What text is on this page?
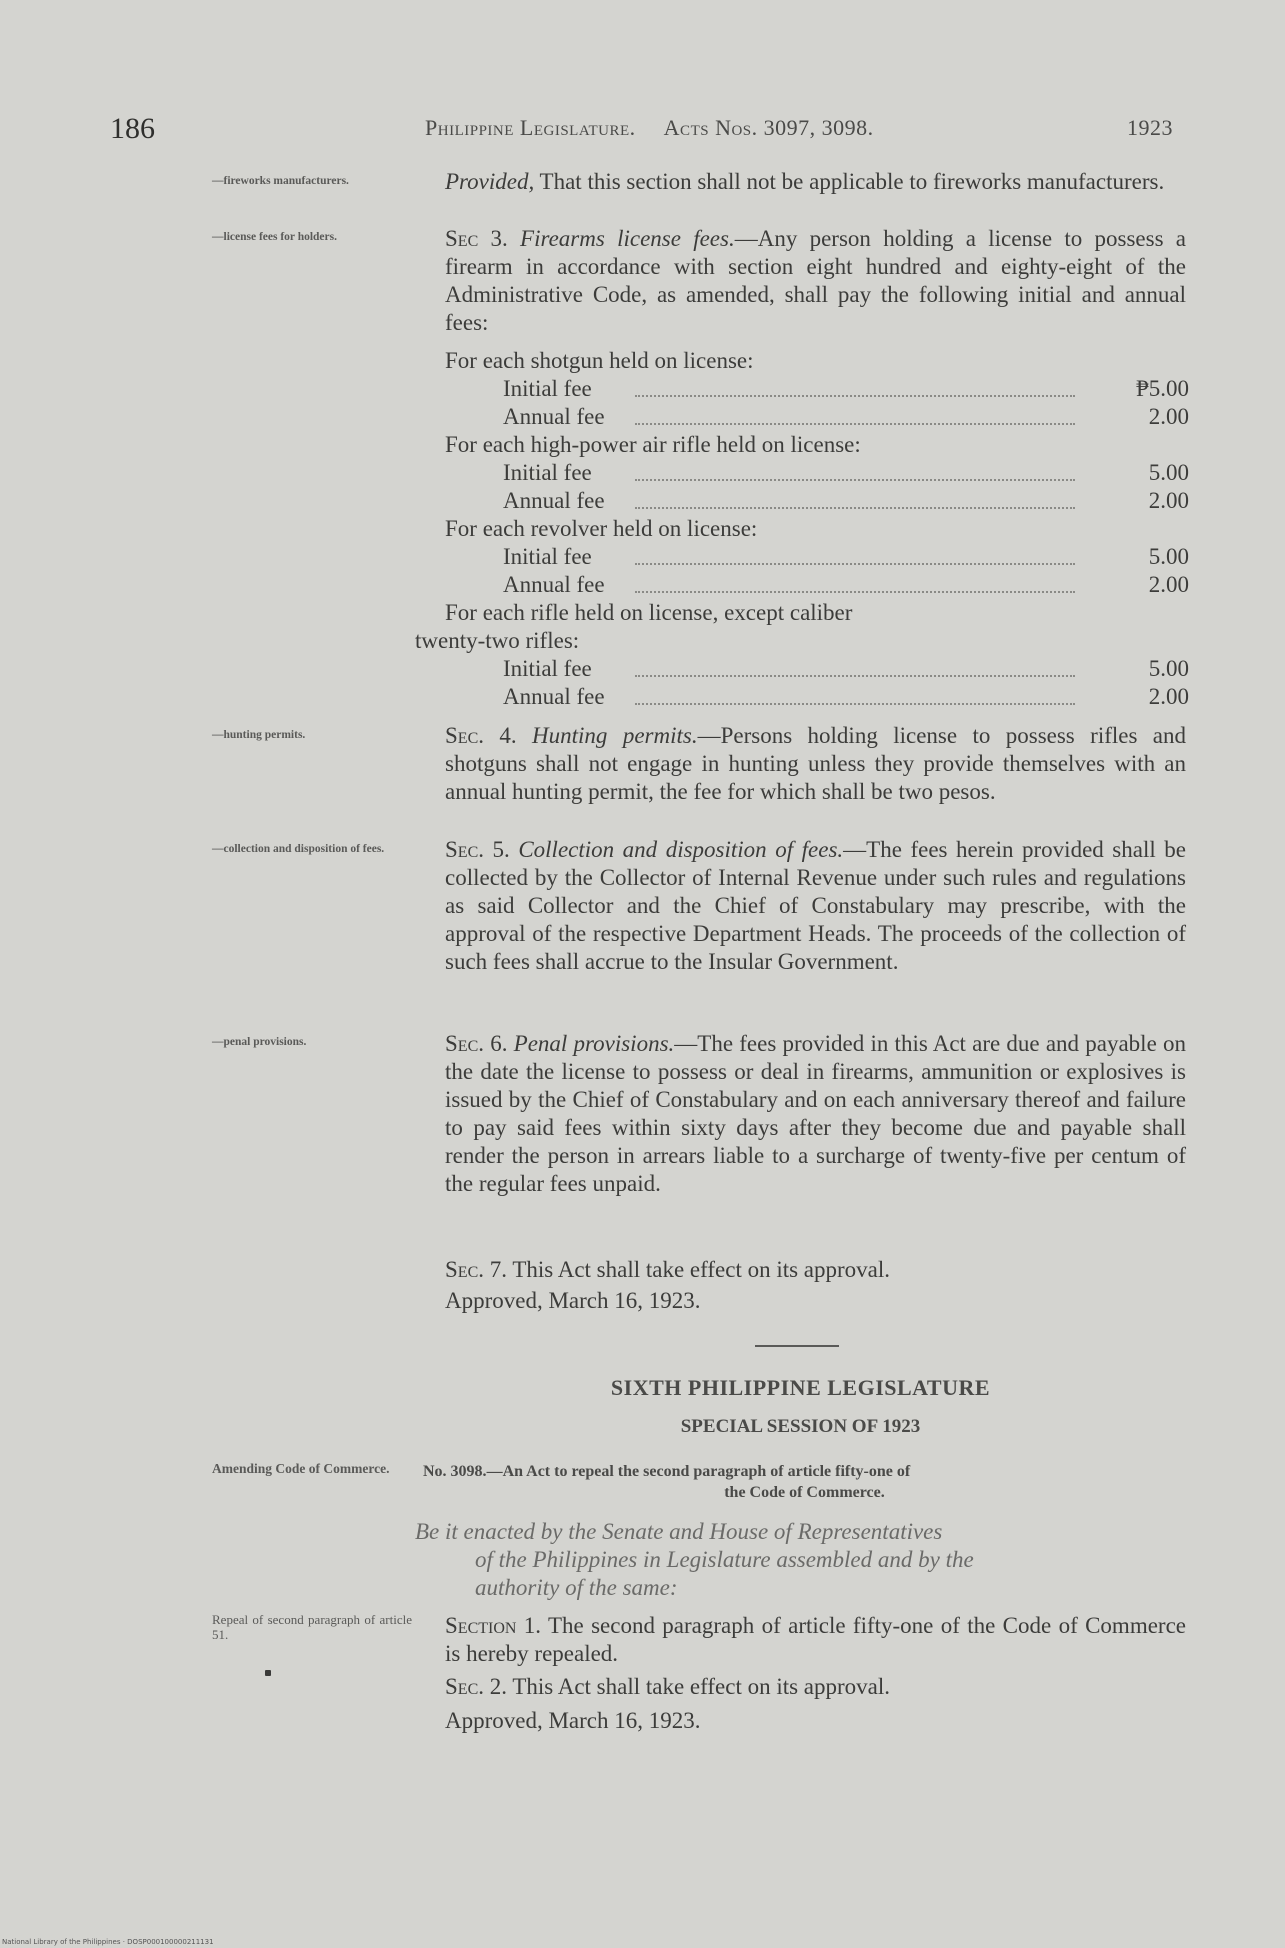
186	Philippine Legislature. Acts Nos. 3097, 3098.	1923
—fireworks manufacturers.
—license fees for holders.
—hunting permits.
—collection and disposition of fees.
—penal provisions.
Provided, That this section shall not be applicable to fireworks manufacturers.
Sec 3. Firearms license fees.—Any person holding a license to possess a firearm in accordance with section eight hundred and eighty-eight of the Administrative Code, as amended, shall pay the following initial and annual fees:
For each shotgun held on license:
Initial fee	₱5.00
Annual fee	2.00
For each high-power air rifle held on license:
Initial fee	5.00
Annual fee	2.00
For each revolver held on license:
Initial fee	5.00
Annual fee	2.00
For each rifle held on license, except caliber
twenty-two rifles:
Initial fee	5.00
Annual fee	2.00
Sec. 4. Hunting permits.—Persons holding license to possess rifles and shotguns shall not engage in hunting unless they provide themselves with an annual hunting permit, the fee for which shall be two pesos.
Sec. 5. Collection and disposition of fees.—The fees herein provided shall be collected by the Collector of Internal Revenue under such rules and regulations as said Collector and the Chief of Constabulary may prescribe, with the approval of the respective Department Heads. The proceeds of the collection of such fees shall accrue to the Insular Government.
Sec. 6. Penal provisions.—The fees provided in this Act are due and payable on the date the license to possess or deal in firearms, ammunition or explosives is issued by the Chief of Constabulary and on each anniversary thereof and failure to pay said fees within sixty days after they become due and payable shall render the person in arrears liable to a surcharge of twenty-five per centum of the regular fees unpaid.
Sec. 7. This Act shall take effect on its approval.
Approved, March 16, 1923.
SIXTH PHILIPPINE LEGISLATURE
SPECIAL SESSION OF 1923
Amending Code of Commerce.	No. 3098.—An Act to repeal the second paragraph of article fifty-one of
the Code of Commerce.
Be it enacted by the Senate and House of Representatives
of the Philippines in Legislature assembled and by the
authority of the same:
Repeal of second paragraph of article 51.	Section 1. The second paragraph of article fifty-one of the Code of Commerce is hereby repealed.
Sec. 2. This Act shall take effect on its approval.
Approved, March 16, 1923.
National Library of the Philippines · DOSP000100000211131
